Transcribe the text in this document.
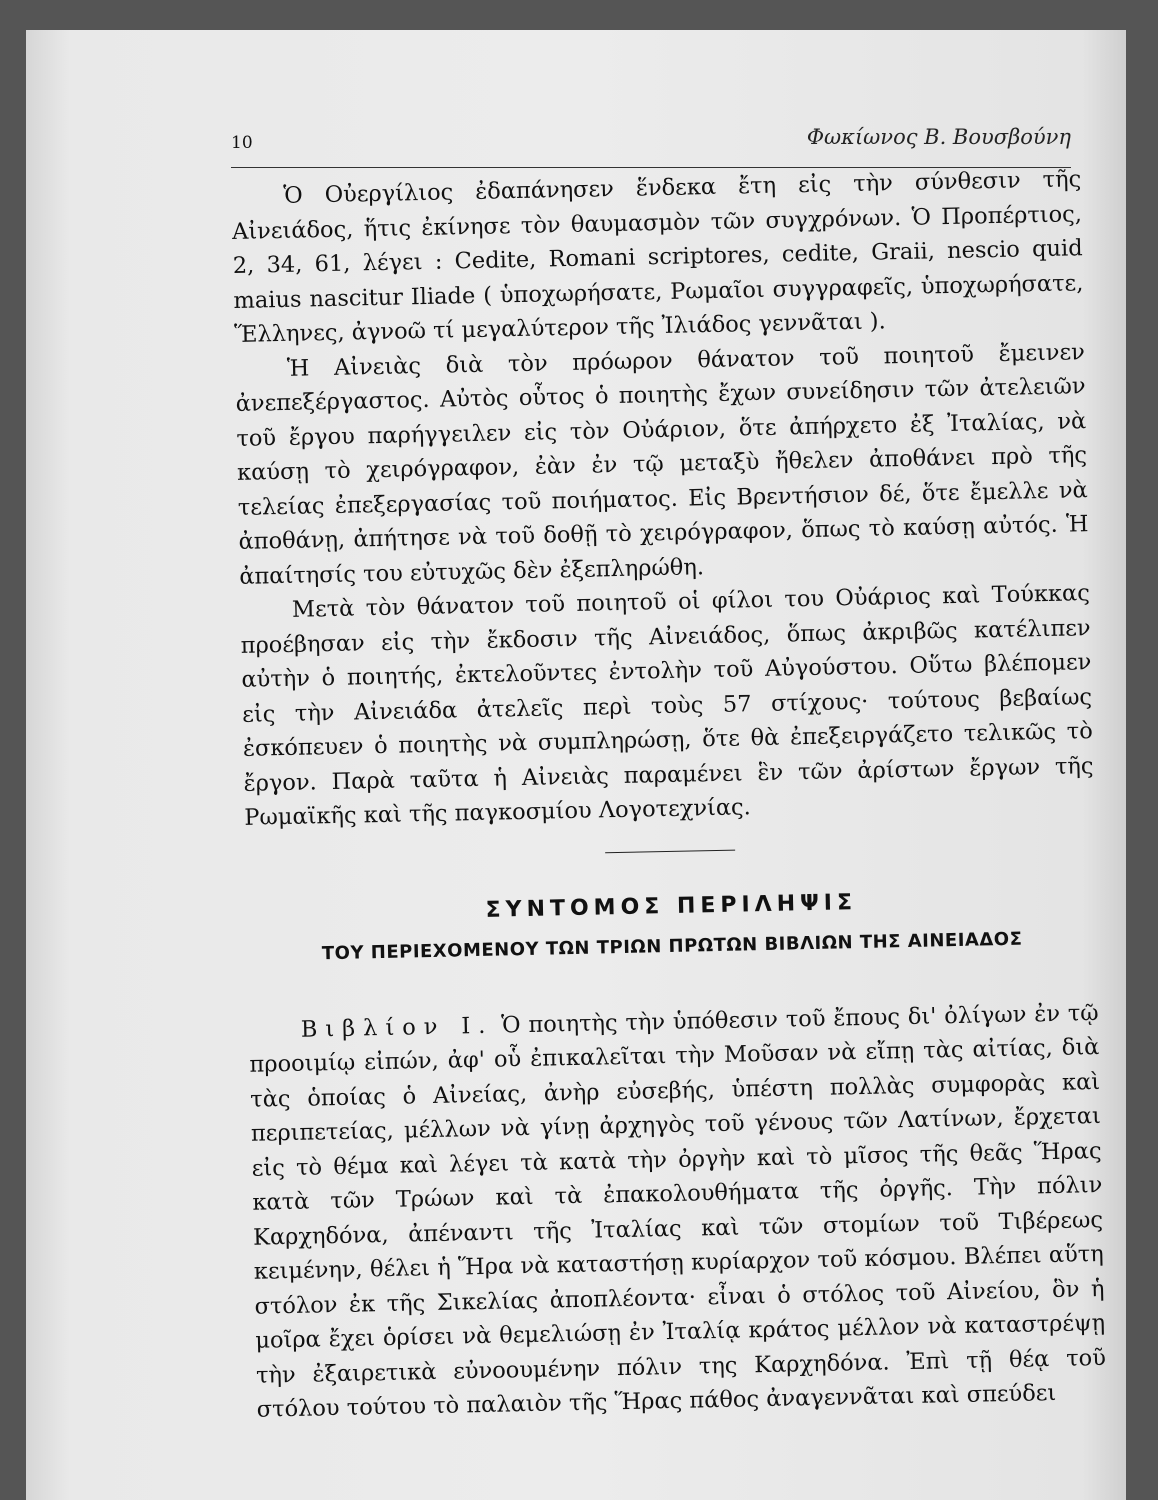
10	Φωκίωνος Β. Βουσβούνη

Ὁ Οὐεργίλιος ἐδαπάνησεν ἕνδεκα ἔτη εἰς τὴν σύνθεσιν τῆς Αἰνειάδος, ἥτις ἐκίνησε τὸν θαυμασμὸν τῶν συγχρόνων. Ὁ Προπέρτιος, 2, 34, 61, λέγει : Cedite, Romani scriptores, cedite, Graii, nescio quid maius nascitur Iliade ( ὑποχωρήσατε, Ρωμαῖοι συγγραφεῖς, ὑποχωρήσατε, Ἕλληνες, ἀγνοῶ τί μεγαλύτερον τῆς Ἰλιάδος γεννᾶται ).

Ἡ Αἰνειὰς διὰ τὸν πρόωρον θάνατον τοῦ ποιητοῦ ἔμεινεν ἀνεπεξέργαστος. Αὐτὸς οὗτος ὁ ποιητὴς ἔχων συνείδησιν τῶν ἀτελειῶν τοῦ ἔργου παρήγγειλεν εἰς τὸν Οὐάριον, ὅτε ἀπήρχετο ἐξ Ἰταλίας, νὰ καύσῃ τὸ χειρόγραφον, ἐὰν ἐν τῷ μεταξὺ ἤθελεν ἀποθάνει πρὸ τῆς τελείας ἐπεξεργασίας τοῦ ποιήματος. Εἰς Βρεντήσιον δέ, ὅτε ἔμελλε νὰ ἀποθάνῃ, ἀπήτησε νὰ τοῦ δοθῇ τὸ χειρόγραφον, ὅπως τὸ καύσῃ αὐτός. Ἡ ἀπαίτησίς του εὐτυχῶς δὲν ἐξεπληρώθη.

Μετὰ τὸν θάνατον τοῦ ποιητοῦ οἱ φίλοι του Οὐάριος καὶ Τούκκας προέβησαν εἰς τὴν ἔκδοσιν τῆς Αἰνειάδος, ὅπως ἀκριβῶς κατέλιπεν αὐτὴν ὁ ποιητής, ἐκτελοῦντες ἐντολὴν τοῦ Αὐγούστου. Οὕτω βλέπομεν εἰς τὴν Αἰνειάδα ἀτελεῖς περὶ τοὺς 57 στίχους· τούτους βεβαίως ἐσκόπευεν ὁ ποιητὴς νὰ συμπληρώσῃ, ὅτε θὰ ἐπεξειργάζετο τελικῶς τὸ ἔργον. Παρὰ ταῦτα ἡ Αἰνειὰς παραμένει ἓν τῶν ἀρίστων ἔργων τῆς Ρωμαϊκῆς καὶ τῆς παγκοσμίου Λογοτεχνίας.

ΣΥΝΤΟΜΟΣ ΠΕΡΙΛΗΨΙΣ
ΤΟΥ ΠΕΡΙΕΧΟΜΕΝΟΥ ΤΩΝ ΤΡΙΩΝ ΠΡΩΤΩΝ ΒΙΒΛΙΩΝ ΤΗΣ ΑΙΝΕΙΑΔΟΣ

Βιβλίον I. Ὁ ποιητὴς τὴν ὑπόθεσιν τοῦ ἔπους δι' ὀλίγων ἐν τῷ προοιμίῳ εἰπών, ἀφ' οὗ ἐπικαλεῖται τὴν Μοῦσαν νὰ εἴπῃ τὰς αἰτίας, διὰ τὰς ὁποίας ὁ Αἰνείας, ἀνὴρ εὐσεβής, ὑπέστη πολλὰς συμφορὰς καὶ περιπετείας, μέλλων νὰ γίνῃ ἀρχηγὸς τοῦ γένους τῶν Λατίνων, ἔρχεται εἰς τὸ θέμα καὶ λέγει τὰ κατὰ τὴν ὀργὴν καὶ τὸ μῖσος τῆς θεᾶς Ἥρας κατὰ τῶν Τρώων καὶ τὰ ἐπακολουθήματα τῆς ὀργῆς. Τὴν πόλιν Καρχηδόνα, ἀπέναντι τῆς Ἰταλίας καὶ τῶν στομίων τοῦ Τιβέρεως κειμένην, θέλει ἡ Ἥρα νὰ καταστήσῃ κυρίαρχον τοῦ κόσμου. Βλέπει αὕτη στόλον ἐκ τῆς Σικελίας ἀποπλέοντα· εἶναι ὁ στόλος τοῦ Αἰνείου, ὃν ἡ μοῖρα ἔχει ὁρίσει νὰ θεμελιώσῃ ἐν Ἰταλίᾳ κράτος μέλλον νὰ καταστρέψῃ τὴν ἐξαιρετικὰ εὐνοουμένην πόλιν της Καρχηδόνα. Ἐπὶ τῇ θέᾳ τοῦ στόλου τούτου τὸ παλαιὸν τῆς Ἥρας πάθος ἀναγεννᾶται καὶ σπεύδει
